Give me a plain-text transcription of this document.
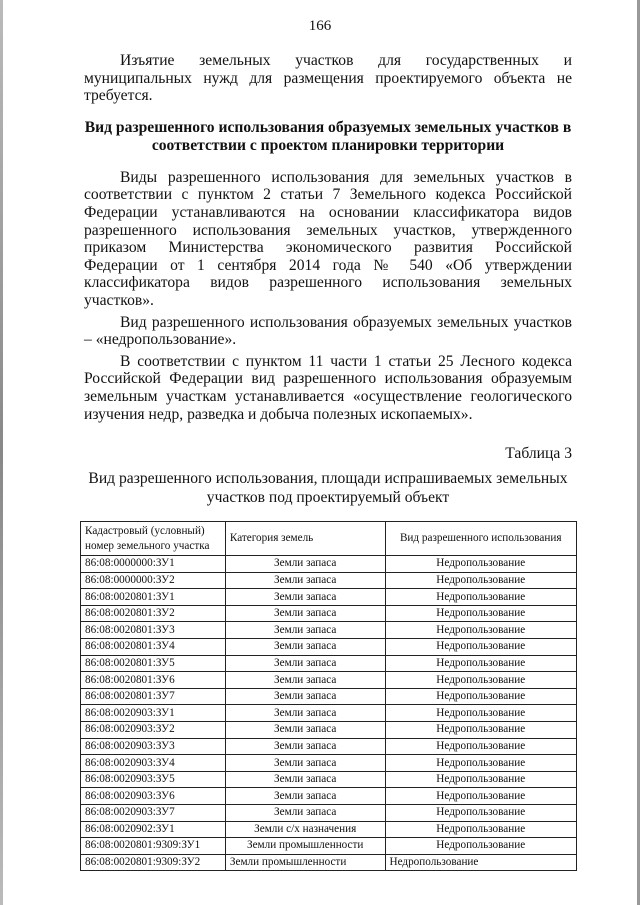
166
Изъятие земельных участков для государственных и муниципальных нужд для размещения проектируемого объекта не требуется.
Вид разрешенного использования образуемых земельных участков в соответствии с проектом планировки территории
Виды разрешенного использования для земельных участков в соответствии с пунктом 2 статьи 7 Земельного кодекса Российской Федерации устанавливаются на основании классификатора видов разрешенного использования земельных участков, утвержденного приказом Министерства экономического развития Российской Федерации от 1 сентября 2014 года № 540 «Об утверждении классификатора видов разрешенного использования земельных участков».
Вид разрешенного использования образуемых земельных участков – «недропользование».
В соответствии с пунктом 11 части 1 статьи 25 Лесного кодекса Российской Федерации вид разрешенного использования образуемым земельным участкам устанавливается «осуществление геологического изучения недр, разведка и добыча полезных ископаемых».
Таблица 3
Вид разрешенного использования, площади испрашиваемых земельных участков под проектируемый объект
Кадастровый (условный) номер земельного участка	Категория земель	Вид разрешенного использования
86:08:0000000:ЗУ1	Земли запаса	Недропользование
86:08:0000000:ЗУ2	Земли запаса	Недропользование
86:08:0020801:ЗУ1	Земли запаса	Недропользование
86:08:0020801:ЗУ2	Земли запаса	Недропользование
86:08:0020801:ЗУ3	Земли запаса	Недропользование
86:08:0020801:ЗУ4	Земли запаса	Недропользование
86:08:0020801:ЗУ5	Земли запаса	Недропользование
86:08:0020801:ЗУ6	Земли запаса	Недропользование
86:08:0020801:ЗУ7	Земли запаса	Недропользование
86:08:0020903:ЗУ1	Земли запаса	Недропользование
86:08:0020903:ЗУ2	Земли запаса	Недропользование
86:08:0020903:ЗУ3	Земли запаса	Недропользование
86:08:0020903:ЗУ4	Земли запаса	Недропользование
86:08:0020903:ЗУ5	Земли запаса	Недропользование
86:08:0020903:ЗУ6	Земли запаса	Недропользование
86:08:0020903:ЗУ7	Земли запаса	Недропользование
86:08:0020902:ЗУ1	Земли с/х назначения	Недропользование
86:08:0020801:9309:ЗУ1	Земли промышленности	Недропользование
86:08:0020801:9309:ЗУ2	Земли промышленности	Недропользование
